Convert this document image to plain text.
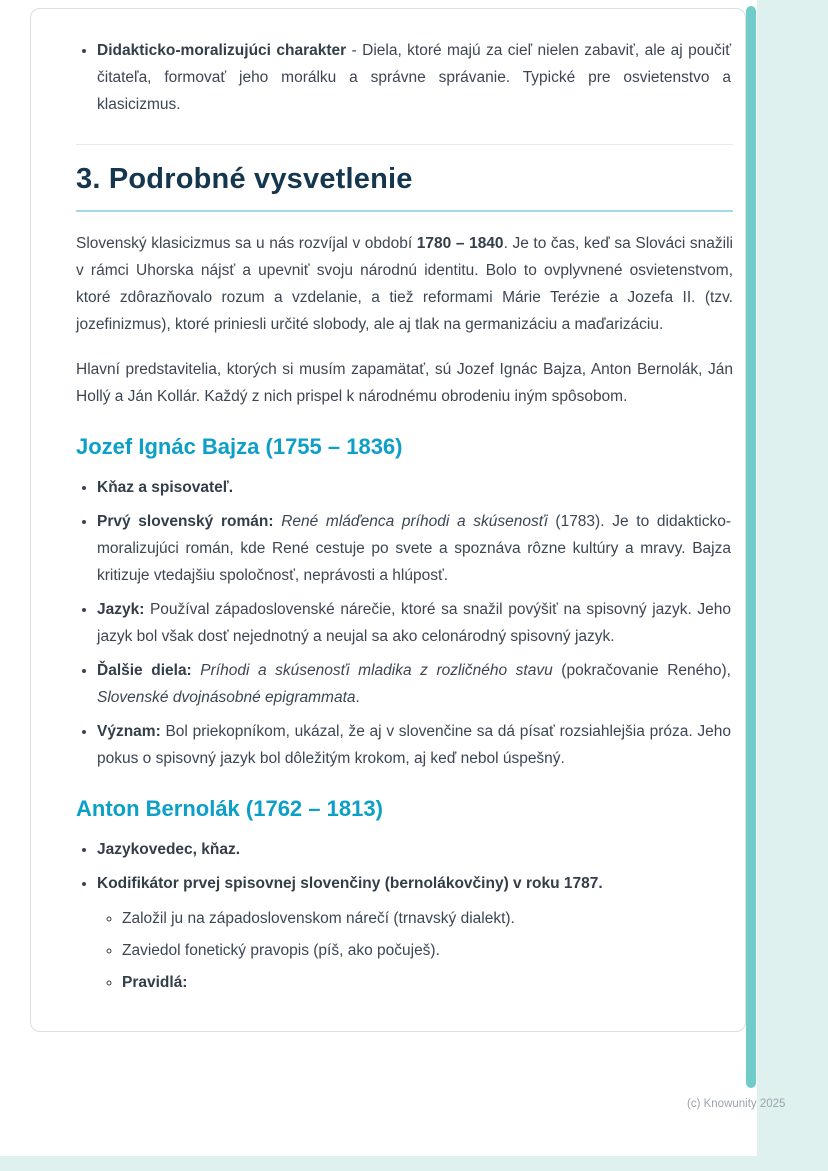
• Didakticko-moralizujúci charakter - Diela, ktoré majú za cieľ nielen zabaviť, ale aj poučiť čitateľa, formovať jeho morálku a správne správanie. Typické pre osvietenstvo a klasicizmus.
3. Podrobné vysvetlenie

Slovenský klasicizmus sa u nás rozvíjal v období 1780 – 1840. Je to čas, keď sa Slováci snažili v rámci Uhorska nájsť a upevniť svoju národnú identitu. Bolo to ovplyvnené osvietenstvom, ktoré zdôrazňovalo rozum a vzdelanie, a tiež reformami Márie Terézie a Jozefa II. (tzv. jozefinizmus), ktoré priniesli určité slobody, ale aj tlak na germanizáciu a maďarizáciu.

Hlavní predstavitelia, ktorých si musím zapamätať, sú Jozef Ignác Bajza, Anton Bernolák, Ján Hollý a Ján Kollár. Každý z nich prispel k národnému obrodeniu iným spôsobom.

Jozef Ignác Bajza (1755 – 1836)
• Kňaz a spisovateľ.
• Prvý slovenský román: René mláďenca príhodi a skúsenosťi (1783). Je to didakticko-moralizujúci román, kde René cestuje po svete a spoznáva rôzne kultúry a mravy. Bajza kritizuje vtedajšiu spoločnosť, neprávosti a hlúposť.
• Jazyk: Používal západoslovenské nárečie, ktoré sa snažil povýšiť na spisovný jazyk. Jeho jazyk bol však dosť nejednotný a neujal sa ako celonárodný spisovný jazyk.
• Ďalšie diela: Príhodi a skúsenosťi mladika z rozličného stavu (pokračovanie Reného), Slovenské dvojnásobné epigrammata.
• Význam: Bol priekopníkom, ukázal, že aj v slovenčine sa dá písať rozsiahlejšia próza. Jeho pokus o spisovný jazyk bol dôležitým krokom, aj keď nebol úspešný.
Anton Bernolák (1762 – 1813)
• Jazykovedec, kňaz.
• Kodifikátor prvej spisovnej slovenčiny (bernolákovčiny) v roku 1787.
◦ Založil ju na západoslovenskom nárečí (trnavský dialekt).
◦ Zaviedol fonetický pravopis (píš, ako počuješ).
◦ Pravidlá:
(c) Knowunity 2025
